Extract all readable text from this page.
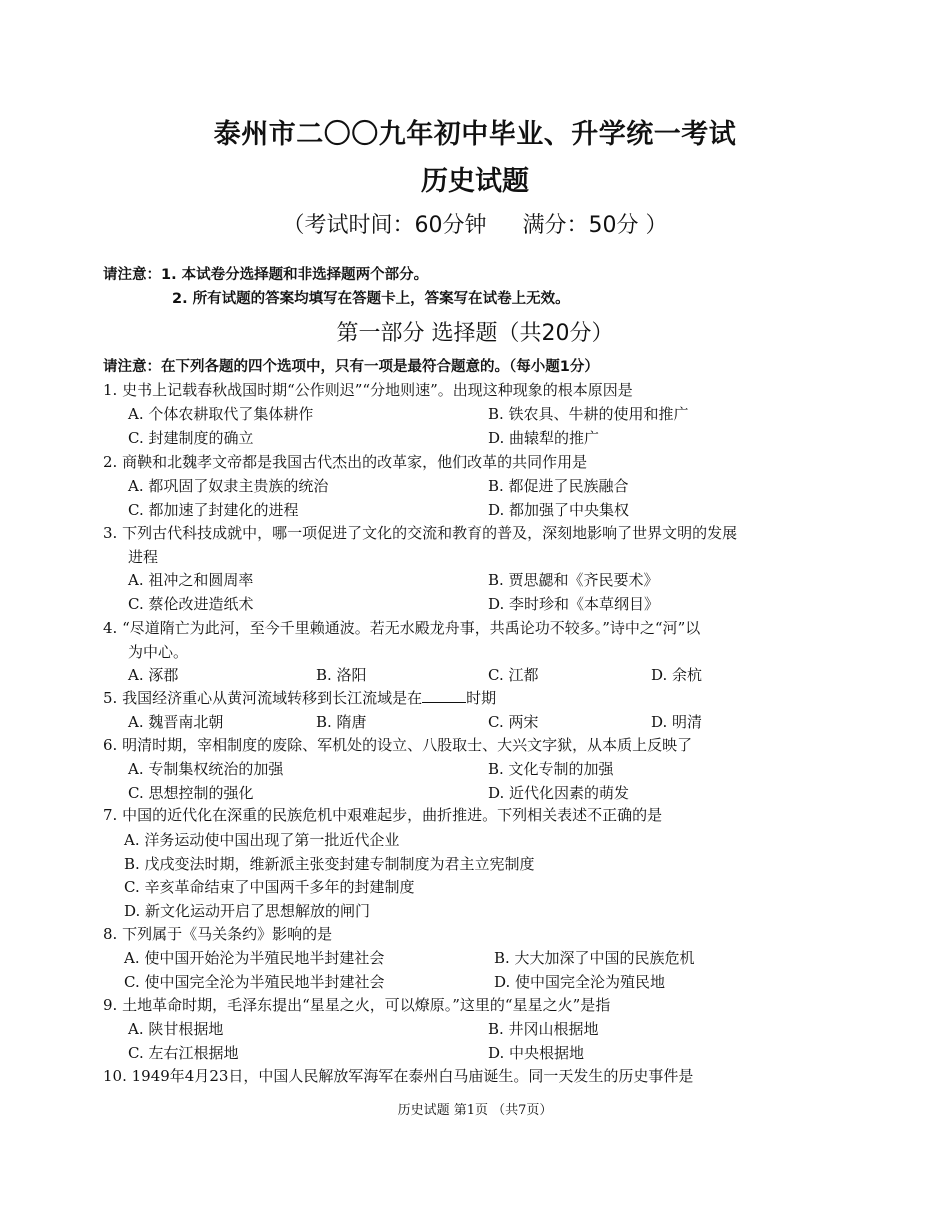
泰州市二〇〇九年初中毕业、升学统一考试
历史试题
（考试时间：60分钟 满分：50分 ）
请注意：1. 本试卷分选择题和非选择题两个部分。
2. 所有试题的答案均填写在答题卡上，答案写在试卷上无效。
第一部分 选择题（共20分）
请注意：在下列各题的四个选项中，只有一项是最符合题意的。（每小题1分）
1. 史书上记载春秋战国时期“公作则迟”“分地则速”。出现这种现象的根本原因是
A. 个体农耕取代了集体耕作	B. 铁农具、牛耕的使用和推广
C. 封建制度的确立	D. 曲辕犁的推广
2. 商鞅和北魏孝文帝都是我国古代杰出的改革家，他们改革的共同作用是
A. 都巩固了奴隶主贵族的统治	B. 都促进了民族融合
C. 都加速了封建化的进程	D. 都加强了中央集权
3. 下列古代科技成就中，哪一项促进了文化的交流和教育的普及，深刻地影响了世界文明的发展
进程
A. 祖冲之和圆周率	B. 贾思勰和《齐民要术》
C. 蔡伦改进造纸术	D. 李时珍和《本草纲目》
4. “尽道隋亡为此河，至今千里赖通波。若无水殿龙舟事，共禹论功不较多。”诗中之“河”以
为中心。
A. 涿郡	B. 洛阳	C. 江都	D. 余杭
5. 我国经济重心从黄河流域转移到长江流域是在	时期
A. 魏晋南北朝	B. 隋唐	C. 两宋	D. 明清
6. 明清时期，宰相制度的废除、军机处的设立、八股取士、大兴文字狱，从本质上反映了
A. 专制集权统治的加强	B. 文化专制的加强
C. 思想控制的强化	D. 近代化因素的萌发
7. 中国的近代化在深重的民族危机中艰难起步，曲折推进。下列相关表述不正确的是
A. 洋务运动使中国出现了第一批近代企业
B. 戊戌变法时期，维新派主张变封建专制制度为君主立宪制度
C. 辛亥革命结束了中国两千多年的封建制度
D. 新文化运动开启了思想解放的闸门
8. 下列属于《马关条约》影响的是
A. 使中国开始沦为半殖民地半封建社会	B. 大大加深了中国的民族危机
C. 使中国完全沦为半殖民地半封建社会	D. 使中国完全沦为殖民地
9. 土地革命时期，毛泽东提出“星星之火，可以燎原。”这里的“星星之火”是指
A. 陕甘根据地	B. 井冈山根据地
C. 左右江根据地	D. 中央根据地
10. 1949年4月23日，中国人民解放军海军在泰州白马庙诞生。同一天发生的历史事件是
历史试题 第1页 （共7页）
